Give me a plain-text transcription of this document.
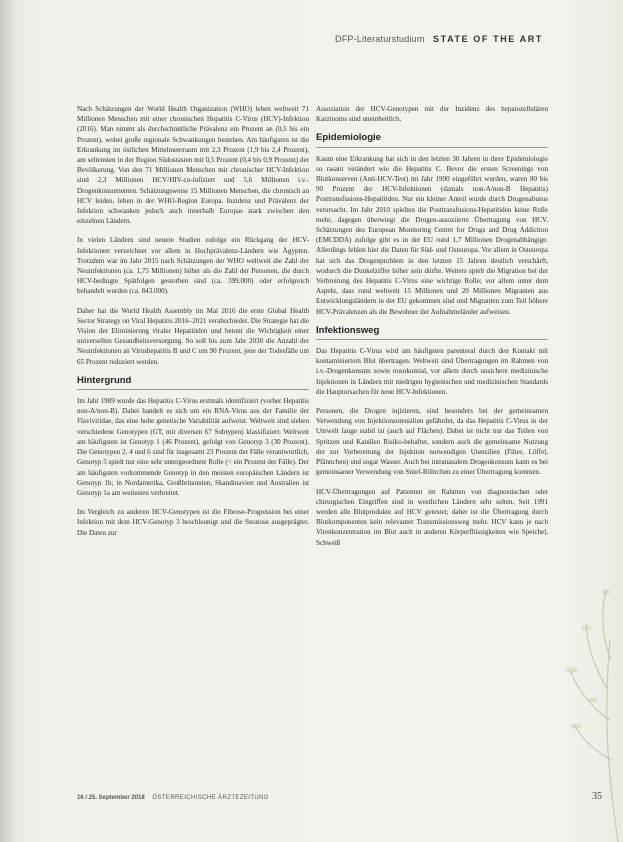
DFP-Literaturstudium STATE OF THE ART

Nach Schätzungen der World Health Organization (WHO) leben weltweit 71 Millionen Menschen mit einer chronischen Hepatitis C-Virus (HCV)-Infektion (2016). Man nimmt als durchschnittliche Prävalenz ein Prozent an (0,5 bis ein Prozent), wobei große regionale Schwankungen bestehen. Am häufigsten ist die Erkrankung im östlichen Mittelmeerraum mit 2,3 Prozent (1,9 bis 2,4 Prozent), am seltensten in der Region Südostasien mit 0,5 Prozent (0,4 bis 0,9 Prozent) der Bevölkerung. Von den 71 Millionen Menschen mit chronischer HCV-Infektion sind 2,3 Millionen HCV/HIV-co-infiziert und 5,6 Millionen i.v.-Drogenkonsumenten. Schätzungsweise 15 Millionen Menschen, die chronisch an HCV leiden, leben in der WHO-Region Europa. Inzidenz und Prävalenz der Infektion schwanken jedoch auch innerhalb Europas stark zwischen den einzelnen Ländern.

In vielen Ländern sind neuere Studien zufolge ein Rückgang der HCV-Infektionen verzeichnet vor allem in Hochprävalenz-Ländern wie Ägypten. Trotzdem war im Jahr 2015 nach Schätzungen der WHO weltweit die Zahl der Neuinfektionen (ca. 1,75 Millionen) höher als die Zahl der Personen, die durch HCV-bedingte Spätfolgen gestorben sind (ca. 399.000) oder erfolgreich behandelt wurden (ca. 843.000).

Daher hat die World Health Assembly im Mai 2016 die erste Global Health Sector Strategy on Viral Hepatitis 2016–2021 verabschiedet. Die Strategie hat die Vision der Eliminierung viraler Hepatitiden und betont die Wichtigkeit einer universellen Gesundheitsversorgung. So soll bis zum Jahr 2030 die Anzahl der Neuinfektionen an Virushepatitis B und C um 90 Prozent, jene der Todesfälle um 65 Prozent reduziert werden.

Hintergrund

Im Jahr 1989 wurde das Hepatitis C-Virus erstmals identifiziert (vorher Hepatitis non-A/non-B). Dabei handelt es sich um ein RNA-Virus aus der Familie der Flaviviridae, das eine hohe genetische Variabilität aufweist. Weltweit sind sieben verschiedene Genotypen (GT, mit diversen 67 Subtypen) klassifiziert. Weltweit am häufigsten ist Genotyp 1 (46 Prozent), gefolgt von Genotyp 3 (30 Prozent). Die Genotypen 2, 4 und 6 sind für insgesamt 23 Prozent der Fälle verantwortlich, Genotyp 5 spielt nur eine sehr untergeordnete Rolle (< ein Prozent der Fälle). Der am häufigsten vorkommende Genotyp in den meisten europäischen Ländern ist Genotyp 1b; in Nordamerika, Großbritannien, Skandinavien und Australien ist Genotyp 1a am weitesten verbreitet.

Im Vergleich zu anderen HCV-Genotypen ist die Fibrose-Progression bei einer Infektion mit dem HCV-Genotyp 3 beschleunigt und die Steatose ausgeprägter. Die Daten zur

Assoziation der HCV-Genotypen mit der Inzidenz des hepatozellulären Karzinoms sind uneinheitlich.

Epidemiologie

Kaum eine Erkrankung hat sich in den letzten 30 Jahren in ihrer Epidemiologie so rasant verändert wie die Hepatitis C. Bevor die ersten Screenings von Blutkonserven (Anti-HCV-Test) im Jahr 1990 eingeführt wurden, waren 80 bis 90 Prozent der HCV-Infektionen (damals non-A/non-B Hepatitis) Posttransfusions-Hepatitiden. Nur ein kleiner Anteil wurde durch Drogenabusus verursacht. Im Jahr 2010 spielten die Posttransfusions-Hepatitiden keine Rolle mehr, dagegen überwiegt die Drogen-assoziierte Übertragung von HCV. Schätzungen des European Monitoring Centre for Drugs and Drug Addiction (EMCDDA) zufolge gibt es in der EU rund 1,7 Millionen Drogenabhängige. Allerdings fehlen hier die Daten für Süd- und Osteuropa. Vor allem in Osteuropa hat sich das Drogenproblem in den letzten 15 Jahren deutlich verschärft, wodurch die Dunkelziffer höher sein dürfte. Weiters spielt die Migration bei der Verbreitung des Hepatitis C-Virus eine wichtige Rolle; vor allem unter dem Aspekt, dass rund weltweit 15 Millionen und 20 Millionen Migranten aus Entwicklungsländern in der EU gekommen sind und Migranten zum Teil höhere HCV-Prävalenzen als die Bewohner der Aufnahmeländer aufweisen.

Infektionsweg

Das Hepatitis C-Virus wird am häufigsten parenteral durch den Kontakt mit kontaminiertem Blut übertragen. Weltweit sind Übertragungen im Rahmen von i.v.-Drogenkonsum sowie nosokomial, vor allem durch unsichere medizinische Injektionen in Ländern mit niedrigen hygienischen und medizinischen Standards die Hauptursachen für neue HCV-Infektionen.

Personen, die Drogen injizieren, sind besonders bei der gemeinsamen Verwendung von Injektionsutensilien gefährdet, da das Hepatitis C-Virus in der Umwelt lange stabil ist (auch auf Flächen). Dabei ist nicht nur das Teilen von Spritzen und Kanülen Risiko-behaftet, sondern auch die gemeinsame Nutzung der zur Vorbereitung der Injektion notwendigen Utensilien (Filter, Löffel, Pfännchen) und sogar Wasser. Auch bei intranasalem Drogenkonsum kann es bei gemeinsamer Verwendung von Snief-Röhrchen zu einer Übertragung kommen.

HCV-Übertragungen auf Patienten im Rahmen von diagnostischen oder chirurgischen Eingriffen sind in westlichen Ländern sehr selten. Seit 1991 werden alle Blutprodukte auf HCV getestet; daher ist die Übertragung durch Blutkomponenten kein relevanter Transmissionsweg mehr. HCV kann je nach Virenkonzentration im Blut auch in anderen Körperflüssigkeiten wie Speichel, Schweiß

16 / 25. September 2018 ÖSTERREICHISCHE ÄRZTEZEITUNG	35
